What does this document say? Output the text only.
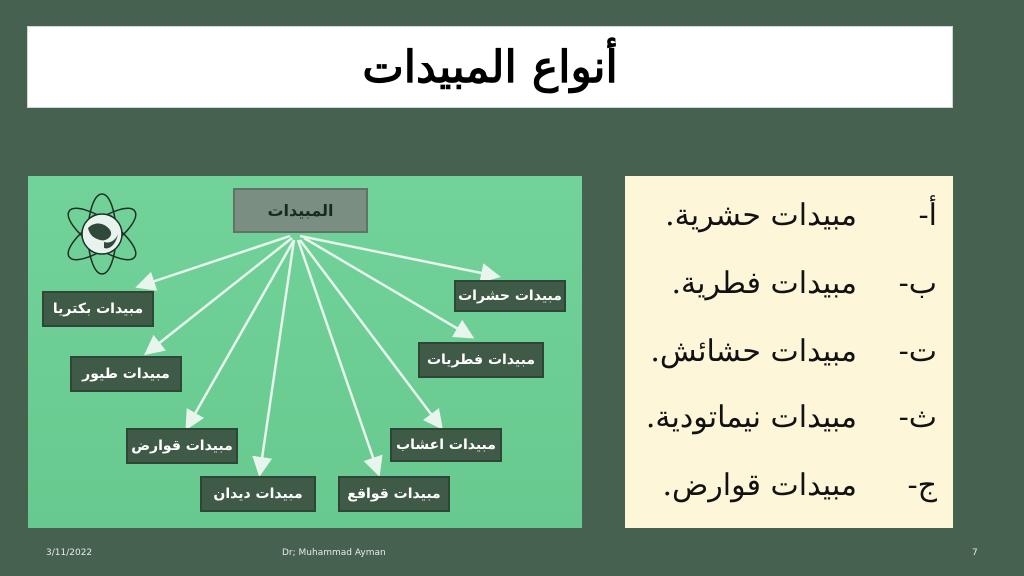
أنواع المبيدات
المبيدات
مبيدات حشرات
مبيدات بكتريا
مبيدات فطريات
مبيدات طيور
مبيدات اعشاب
مبيدات قوارض
مبيدات قواقع
مبيدات ديدان
أ-
مبيدات حشرية.
ب-
مبيدات فطرية.
ت-
مبيدات حشائش.
ث-
مبيدات نيماتودية.
ج-
مبيدات قوارض.
3/11/2022	Dr; Muhammad Ayman	7
